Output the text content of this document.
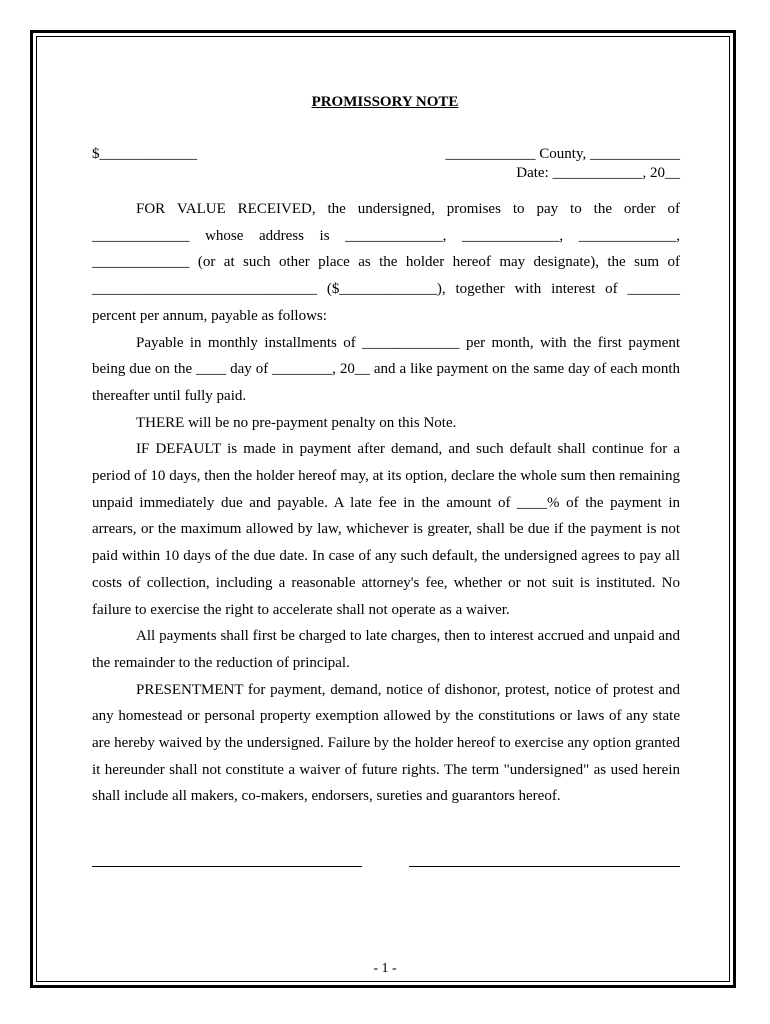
PROMISSORY NOTE
$_____________	____________ County, ____________
Date: ____________, 20__

FOR VALUE RECEIVED, the undersigned, promises to pay to the order of _____________ whose address is _____________, _____________, _____________, _____________ (or at such other place as the holder hereof may designate), the sum of ______________________________ ($_____________), together with interest of _______ percent per annum, payable as follows:

Payable in monthly installments of _____________ per month, with the first payment being due on the ____ day of ________, 20__ and a like payment on the same day of each month thereafter until fully paid.

THERE will be no pre-payment penalty on this Note.

IF DEFAULT is made in payment after demand, and such default shall continue for a period of 10 days, then the holder hereof may, at its option, declare the whole sum then remaining unpaid immediately due and payable. A late fee in the amount of ____% of the payment in arrears, or the maximum allowed by law, whichever is greater, shall be due if the payment is not paid within 10 days of the due date. In case of any such default, the undersigned agrees to pay all costs of collection, including a reasonable attorney's fee, whether or not suit is instituted. No failure to exercise the right to accelerate shall not operate as a waiver.

All payments shall first be charged to late charges, then to interest accrued and unpaid and the remainder to the reduction of principal.

PRESENTMENT for payment, demand, notice of dishonor, protest, notice of protest and any homestead or personal property exemption allowed by the constitutions or laws of any state are hereby waived by the undersigned. Failure by the holder hereof to exercise any option granted it hereunder shall not constitute a waiver of future rights. The term "undersigned" as used herein shall include all makers, co-makers, endorsers, sureties and guarantors hereof.

- 1 -
